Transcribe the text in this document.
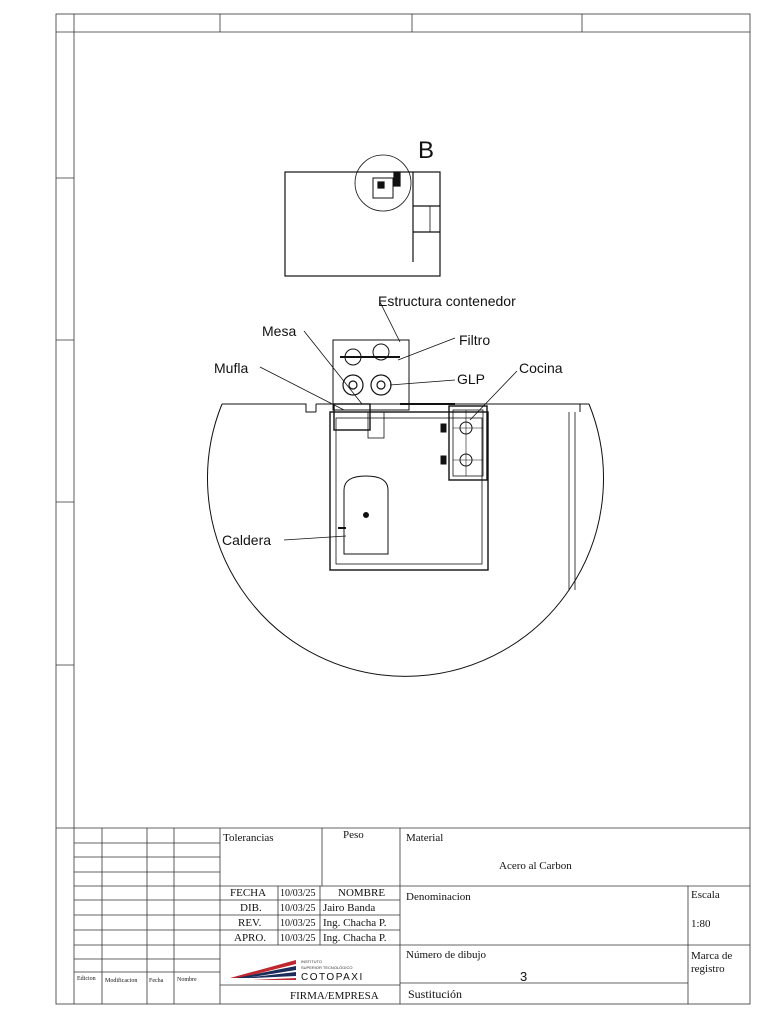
B
Estructura contenedor
Mesa
Filtro
Mufla
GLP
Cocina
Caldera
INSTITUTO
SUPERIOR TECNOLÓGICO
COTOPAXI
Tolerancias	Peso	Material
Acero al Carbon
FECHA 10/03/25 NOMBRE
DIB. 10/03/25 Jairo Banda
REV. 10/03/25 Ing. Chacha P.
APRO. 10/03/25 Ing. Chacha P.
Denominacion	Escala
1:80
Número de dibujo
3
Marca de registro
Sustitución
FIRMA/EMPRESA
Edicion Modificacion Fecha Nombre
